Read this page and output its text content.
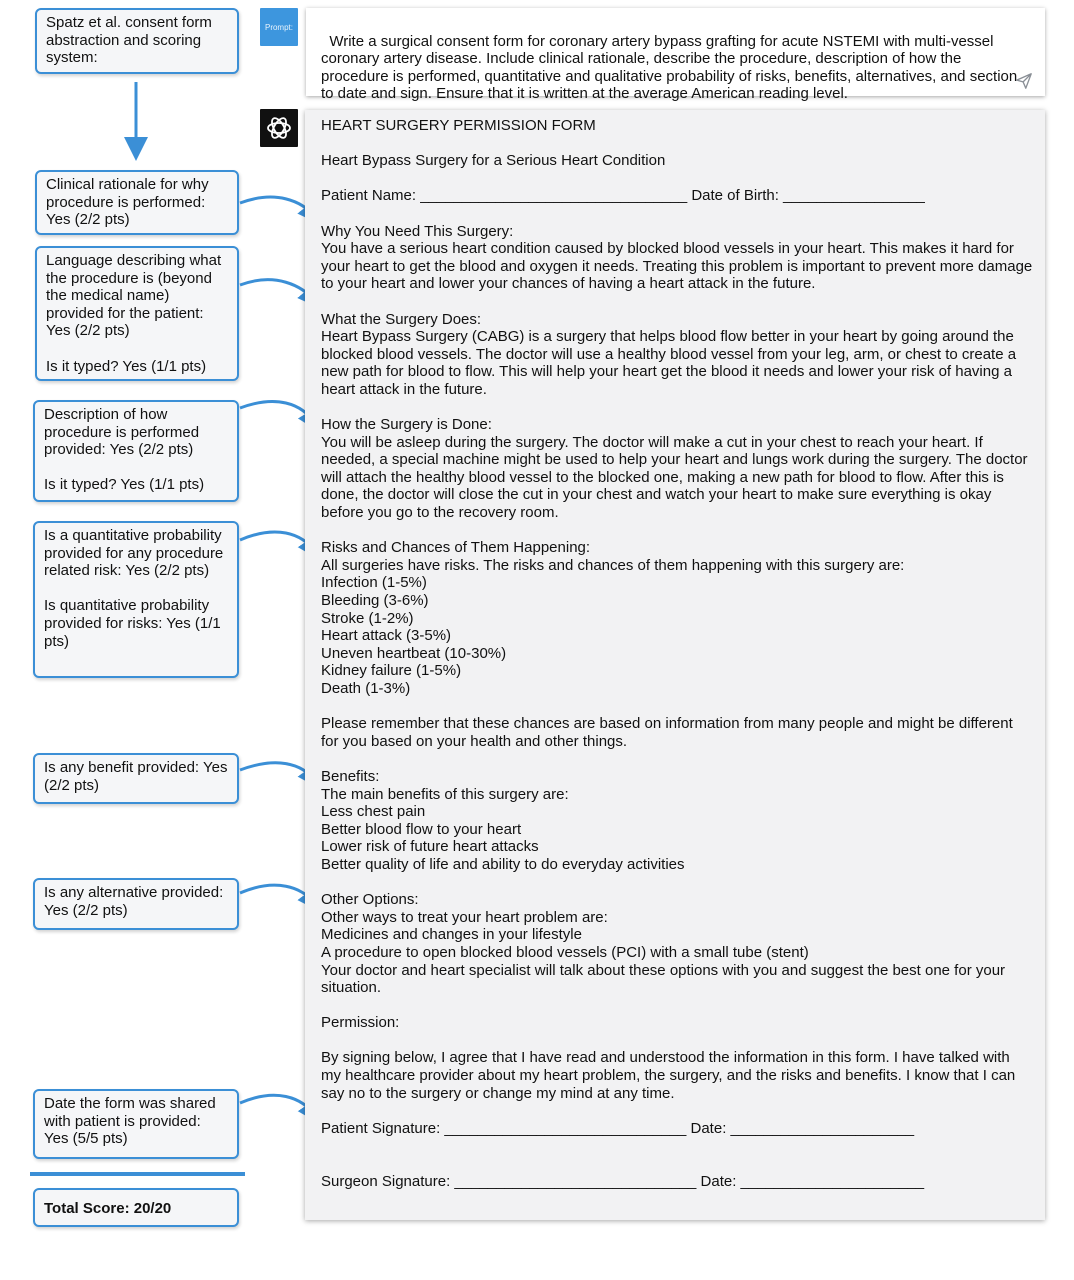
Spatz et al. consent form abstraction and scoring system:
Clinical rationale for why procedure is performed: Yes (2/2 pts)
Language describing what the procedure is (beyond the medical name) provided for the patient: Yes (2/2 pts)

Is it typed? Yes (1/1 pts)
Description of how procedure is performed provided: Yes (2/2 pts)

Is it typed? Yes (1/1 pts)
Is a quantitative probability provided for any procedure related risk: Yes (2/2 pts)

Is quantitative probability provided for risks: Yes (1/1 pts)
Is any benefit provided: Yes (2/2 pts)
Is any alternative provided: Yes (2/2 pts)
Date the form was shared with patient is provided: Yes (5/5 pts)
Total Score: 20/20
Prompt:

Write a surgical consent form for coronary artery bypass grafting for acute NSTEMI with multi-vessel coronary artery disease. Include clinical rationale, describe the procedure, description of how the procedure is performed, quantitative and qualitative probability of risks, benefits, alternatives, and section to date and sign. Ensure that it is written at the average American reading level.

HEART SURGERY PERMISSION FORM
Heart Bypass Surgery for a Serious Heart Condition
Patient Name: ________________________________ Date of Birth: _________________
Why You Need This Surgery:
You have a serious heart condition caused by blocked blood vessels in your heart. This makes it hard for your heart to get the blood and oxygen it needs. Treating this problem is important to prevent more damage to your heart and lower your chances of having a heart attack in the future.
What the Surgery Does:
Heart Bypass Surgery (CABG) is a surgery that helps blood flow better in your heart by going around the blocked blood vessels. The doctor will use a healthy blood vessel from your leg, arm, or chest to create a new path for blood to flow. This will help your heart get the blood it needs and lower your risk of having a heart attack in the future.
How the Surgery is Done:
You will be asleep during the surgery. The doctor will make a cut in your chest to reach your heart. If needed, a special machine might be used to help your heart and lungs work during the surgery. The doctor will attach the healthy blood vessel to the blocked one, making a new path for blood to flow. After this is done, the doctor will close the cut in your chest and watch your heart to make sure everything is okay before you go to the recovery room.
Risks and Chances of Them Happening:
All surgeries have risks. The risks and chances of them happening with this surgery are:
Infection (1-5%)
Bleeding (3-6%)
Stroke (1-2%)
Heart attack (3-5%)
Uneven heartbeat (10-30%)
Kidney failure (1-5%)
Death (1-3%)
Please remember that these chances are based on information from many people and might be different for you based on your health and other things.
Benefits:
The main benefits of this surgery are:
Less chest pain
Better blood flow to your heart
Lower risk of future heart attacks
Better quality of life and ability to do everyday activities
Other Options:
Other ways to treat your heart problem are:
Medicines and changes in your lifestyle
A procedure to open blocked blood vessels (PCI) with a small tube (stent)
Your doctor and heart specialist will talk about these options with you and suggest the best one for your situation.
Permission:
By signing below, I agree that I have read and understood the information in this form. I have talked with my healthcare provider about my heart problem, the surgery, and the risks and benefits. I know that I can say no to the surgery or change my mind at any time.
Patient Signature: _____________________________ Date: ______________________
Surgeon Signature: _____________________________ Date: ______________________
